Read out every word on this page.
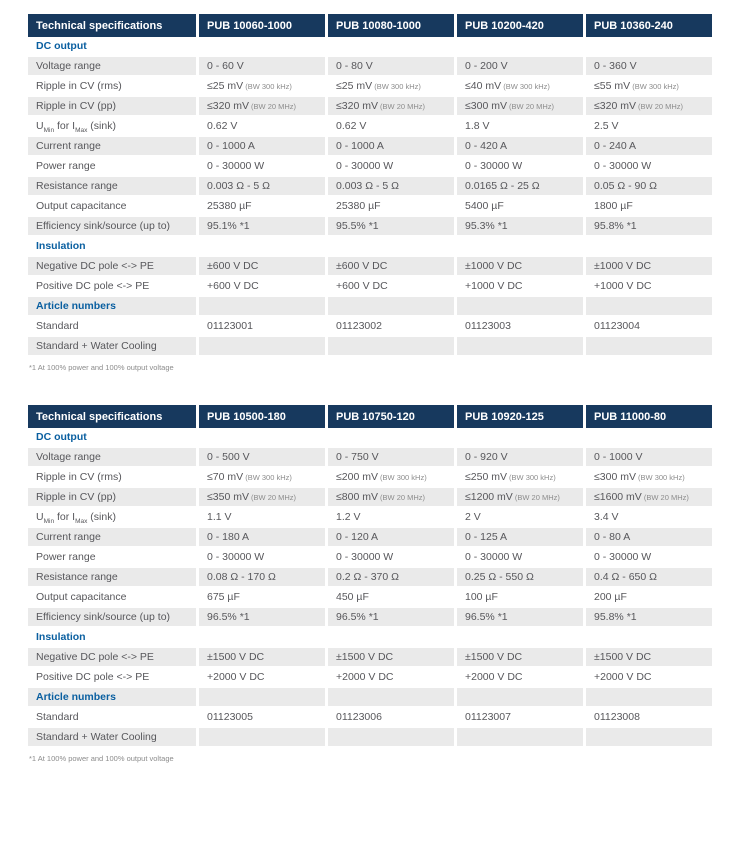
Technical specifications	PUB 10060-1000	PUB 10080-1000	PUB 10200-420	PUB 10360-240
DC output				
Voltage range	0 - 60 V	0 - 80 V	0 - 200 V	0 - 360 V
Ripple in CV (rms)	≤25 mV (BW 300 kHz)	≤25 mV (BW 300 kHz)	≤40 mV (BW 300 kHz)	≤55 mV (BW 300 kHz)
Ripple in CV (pp)	≤320 mV (BW 20 MHz)	≤320 mV (BW 20 MHz)	≤300 mV (BW 20 MHz)	≤320 mV (BW 20 MHz)
$U_{Min}$ for $I_{Max}$ (sink)	0.62 V	0.62 V	1.8 V	2.5 V
Current range	0 - 1000 A	0 - 1000 A	0 - 420 A	0 - 240 A
Power range	0 - 30000 W	0 - 30000 W	0 - 30000 W	0 - 30000 W
Resistance range	0.003 Ω - 5 Ω	0.003 Ω - 5 Ω	0.0165 Ω - 25 Ω	0.05 Ω - 90 Ω
Output capacitance	25380 µF	25380 µF	5400 µF	1800 µF
Efficiency sink/source (up to)	95.1% *1	95.5% *1	95.3% *1	95.8% *1
Insulation				
Negative DC pole <-> PE	±600 V DC	±600 V DC	±1000 V DC	±1000 V DC
Positive DC pole <-> PE	+600 V DC	+600 V DC	+1000 V DC	+1000 V DC
Article numbers				
Standard	01123001	01123002	01123003	01123004
Standard + Water Cooling				
*1 At 100% power and 100% output voltage
Technical specifications	PUB 10500-180	PUB 10750-120	PUB 10920-125	PUB 11000-80
DC output				
Voltage range	0 - 500 V	0 - 750 V	0 - 920 V	0 - 1000 V
Ripple in CV (rms)	≤70 mV (BW 300 kHz)	≤200 mV (BW 300 kHz)	≤250 mV (BW 300 kHz)	≤300 mV (BW 300 kHz)
Ripple in CV (pp)	≤350 mV (BW 20 MHz)	≤800 mV (BW 20 MHz)	≤1200 mV (BW 20 MHz)	≤1600 mV (BW 20 MHz)
$U_{Min}$ for $I_{Max}$ (sink)	1.1 V	1.2 V	2 V	3.4 V
Current range	0 - 180 A	0 - 120 A	0 - 125 A	0 - 80 A
Power range	0 - 30000 W	0 - 30000 W	0 - 30000 W	0 - 30000 W
Resistance range	0.08 Ω - 170 Ω	0.2 Ω - 370 Ω	0.25 Ω - 550 Ω	0.4 Ω - 650 Ω
Output capacitance	675 µF	450 µF	100 µF	200 µF
Efficiency sink/source (up to)	96.5% *1	96.5% *1	96.5% *1	95.8% *1
Insulation				
Negative DC pole <-> PE	±1500 V DC	±1500 V DC	±1500 V DC	±1500 V DC
Positive DC pole <-> PE	+2000 V DC	+2000 V DC	+2000 V DC	+2000 V DC
Article numbers				
Standard	01123005	01123006	01123007	01123008
Standard + Water Cooling				
*1 At 100% power and 100% output voltage
